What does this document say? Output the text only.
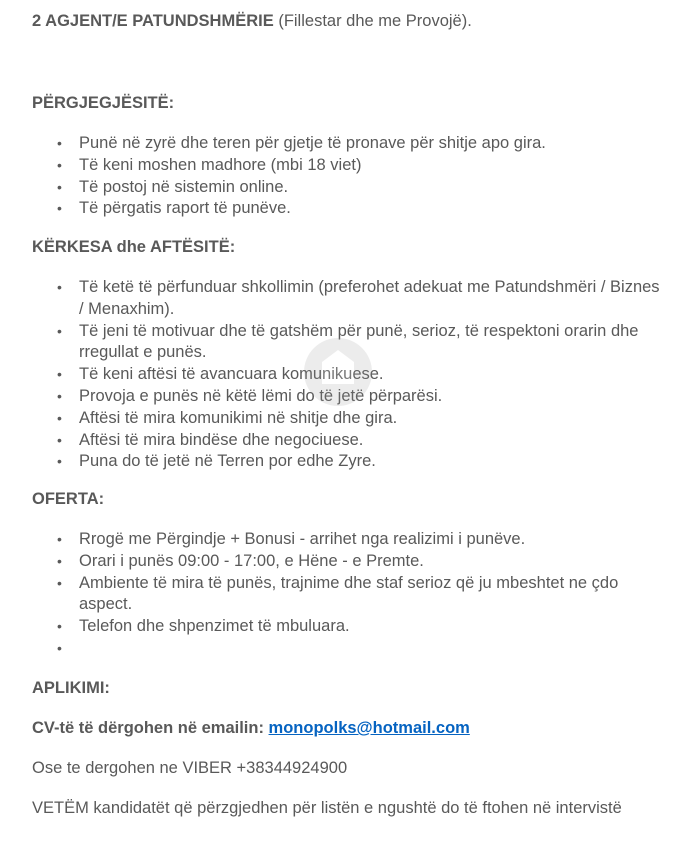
2 AGJENT/E PATUNDSHMËRIE (Fillestar dhe me Provojë).
PËRGJEGJËSITË:
• Punë në zyrë dhe teren për gjetje të pronave për shitje apo gira.
• Të keni moshen madhore (mbi 18 viet)
• Të postoj në sistemin online.
• Të përgatis raport të punëve.
KËRKESA dhe AFTËSITË:
• Të ketë të përfunduar shkollimin (preferohet adekuat me Patundshmëri / Biznes / Menaxhim).
• Të jeni të motivuar dhe të gatshëm për punë, serioz, të respektoni orarin dhe rregullat e punës.
• Të keni aftësi të avancuara komunikuese.
• Provoja e punës në këtë lëmi do të jetë përparësi.
• Aftësi të mira komunikimi në shitje dhe gira.
• Aftësi të mira bindëse dhe negociuese.
• Puna do të jetë në Terren por edhe Zyre.
OFERTA:
• Rrogë me Përgindje + Bonusi - arrihet nga realizimi i punëve.
• Orari i punës 09:00 - 17:00, e Hëne - e Premte.
• Ambiente të mira të punës, trajnime dhe staf serioz që ju mbeshtet ne çdo aspect.
• Telefon dhe shpenzimet të mbuluara.
•
APLIKIMI:
CV-të të dërgohen në emailin: monopolks@hotmail.com
Ose te dergohen ne VIBER +38344924900
VETËM kandidatët që përzgjedhen për listën e ngushtë do të ftohen në intervistë
